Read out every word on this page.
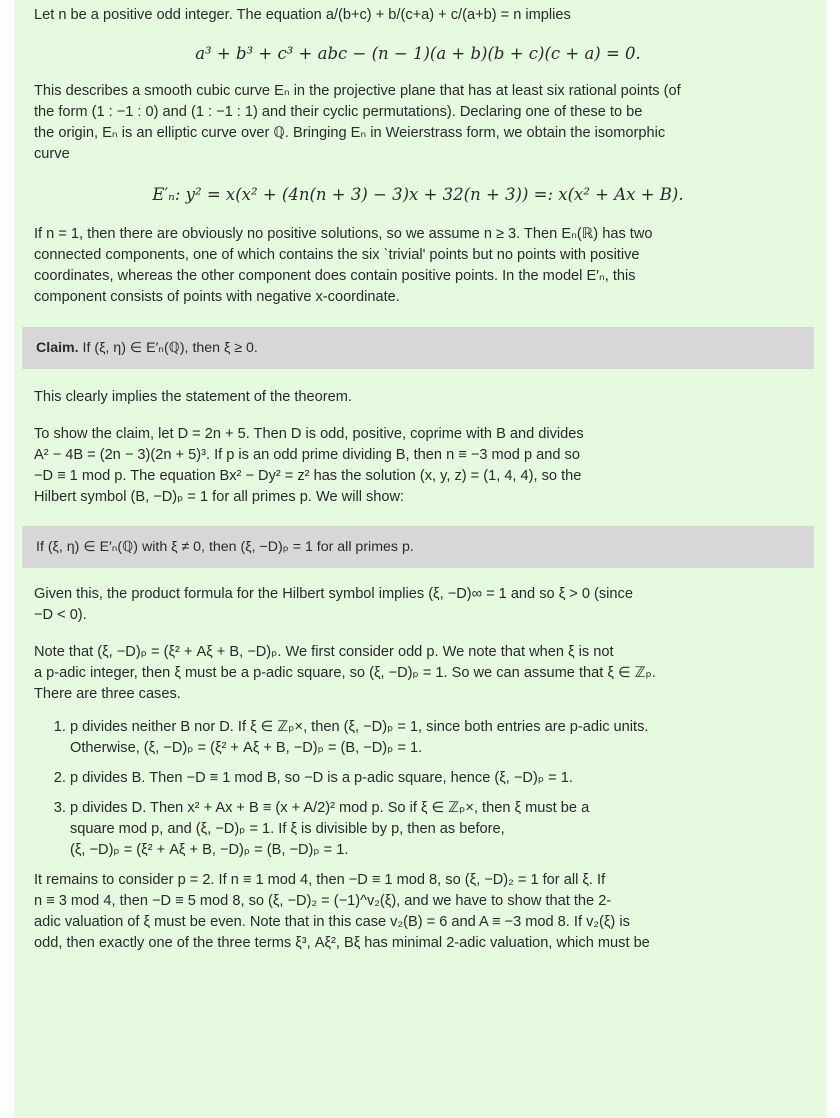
Let n be a positive odd integer. The equation a/(b+c) + b/(c+a) + c/(a+b) = n implies

a³ + b³ + c³ + abc − (n − 1)(a + b)(b + c)(c + a) = 0.

This describes a smooth cubic curve Eₙ in the projective plane that has at least six rational points (of
the form (1 : −1 : 0) and (1 : −1 : 1) and their cyclic permutations). Declaring one of these to be
the origin, Eₙ is an elliptic curve over ℚ. Bringing Eₙ in Weierstrass form, we obtain the isomorphic
curve

E′ₙ: y² = x(x² + (4n(n + 3) − 3)x + 32(n + 3)) =: x(x² + Ax + B).

If n = 1, then there are obviously no positive solutions, so we assume n ≥ 3. Then Eₙ(ℝ) has two
connected components, one of which contains the six `trivial' points but no points with positive
coordinates, whereas the other component does contain positive points. In the model E′ₙ, this
component consists of points with negative x-coordinate.

Claim. If (ξ, η) ∈ E′ₙ(ℚ), then ξ ≥ 0.

This clearly implies the statement of the theorem.

To show the claim, let D = 2n + 5. Then D is odd, positive, coprime with B and divides
A² − 4B = (2n − 3)(2n + 5)³. If p is an odd prime dividing B, then n ≡ −3 mod p and so
−D ≡ 1 mod p. The equation Bx² − Dy² = z² has the solution (x, y, z) = (1, 4, 4), so the
Hilbert symbol (B, −D)ₚ = 1 for all primes p. We will show:

If (ξ, η) ∈ E′ₙ(ℚ) with ξ ≠ 0, then (ξ, −D)ₚ = 1 for all primes p.

Given this, the product formula for the Hilbert symbol implies (ξ, −D)∞ = 1 and so ξ > 0 (since
−D < 0).

Note that (ξ, −D)ₚ = (ξ² + Aξ + B, −D)ₚ. We first consider odd p. We note that when ξ is not
a p-adic integer, then ξ must be a p-adic square, so (ξ, −D)ₚ = 1. So we can assume that ξ ∈ ℤₚ.
There are three cases.

1. p divides neither B nor D. If ξ ∈ ℤₚ×, then (ξ, −D)ₚ = 1, since both entries are p-adic units.
Otherwise, (ξ, −D)ₚ = (ξ² + Aξ + B, −D)ₚ = (B, −D)ₚ = 1.
2. p divides B. Then −D ≡ 1 mod B, so −D is a p-adic square, hence (ξ, −D)ₚ = 1.
3. p divides D. Then x² + Ax + B ≡ (x + A/2)² mod p. So if ξ ∈ ℤₚ×, then ξ must be a
square mod p, and (ξ, −D)ₚ = 1. If ξ is divisible by p, then as before,
(ξ, −D)ₚ = (ξ² + Aξ + B, −D)ₚ = (B, −D)ₚ = 1.

It remains to consider p = 2. If n ≡ 1 mod 4, then −D ≡ 1 mod 8, so (ξ, −D)₂ = 1 for all ξ. If
n ≡ 3 mod 4, then −D ≡ 5 mod 8, so (ξ, −D)₂ = (−1)^v₂(ξ), and we have to show that the 2-
adic valuation of ξ must be even. Note that in this case v₂(B) = 6 and A ≡ −3 mod 8. If v₂(ξ) is
odd, then exactly one of the three terms ξ³, Aξ², Bξ has minimal 2-adic valuation, which must be
